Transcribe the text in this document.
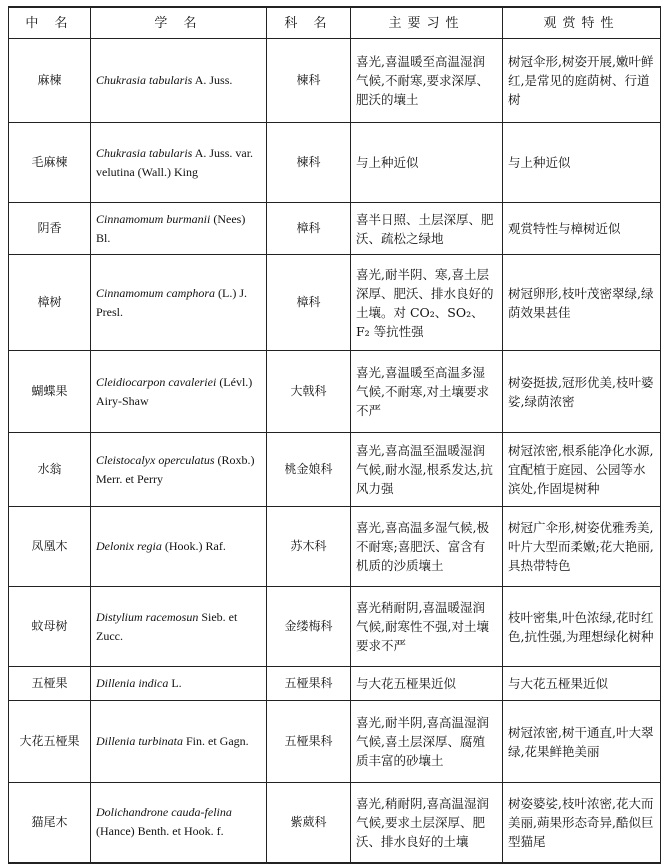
中 名	学 名	科 名	主要习性	观赏特性
麻楝	Chukrasia tabularis A. Juss.	楝科	喜光,喜温暖至高温湿润气候,不耐寒,要求深厚、肥沃的壤土	树冠伞形,树姿开展,嫩叶鲜红,是常见的庭荫树、行道树
毛麻楝	Chukrasia tabularis A. Juss. var. velutina (Wall.) King	楝科	与上种近似	与上种近似
阴香	Cinnamomum burmanii (Nees) Bl.	樟科	喜半日照、土层深厚、肥沃、疏松之绿地	观赏特性与樟树近似
樟树	Cinnamomum camphora (L.) J. Presl.	樟科	喜光,耐半阴、寒,喜土层深厚、肥沃、排水良好的土壤。对 CO₂、SO₂、F₂ 等抗性强	树冠卵形,枝叶茂密翠绿,绿荫效果甚佳
蝴蝶果	Cleidiocarpon cavaleriei (Lévl.) Airy-Shaw	大戟科	喜光,喜温暖至高温多湿气候,不耐寒,对土壤要求不严	树姿挺拔,冠形优美,枝叶婆娑,绿荫浓密
水翁	Cleistocalyx operculatus (Roxb.) Merr. et Perry	桃金娘科	喜光,喜高温至温暖湿润气候,耐水湿,根系发达,抗风力强	树冠浓密,根系能净化水源,宜配植于庭园、公园等水滨处,作固堤树种
凤凰木	Delonix regia (Hook.) Raf.	苏木科	喜光,喜高温多湿气候,极不耐寒;喜肥沃、富含有机质的沙质壤土	树冠广伞形,树姿优雅秀美,叶片大型而柔嫩;花大艳丽,具热带特色
蚊母树	Distylium racemosun Sieb. et Zucc.	金缕梅科	喜光稍耐阴,喜温暖湿润气候,耐寒性不强,对土壤要求不严	枝叶密集,叶色浓绿,花时红色,抗性强,为理想绿化树种
五桠果	Dillenia indica L.	五桠果科	与大花五桠果近似	与大花五桠果近似
大花五桠果	Dillenia turbinata Fin. et Gagn.	五桠果科	喜光,耐半阴,喜高温湿润气候,喜土层深厚、腐殖质丰富的砂壤土	树冠浓密,树干通直,叶大翠绿,花果鲜艳美丽
猫尾木	Dolichandrone cauda-felina (Hance) Benth. et Hook. f.	紫葳科	喜光,稍耐阴,喜高温湿润气候,要求土层深厚、肥沃、排水良好的土壤	树姿婆娑,枝叶浓密,花大而美丽,蒴果形态奇异,酷似巨型猫尾
